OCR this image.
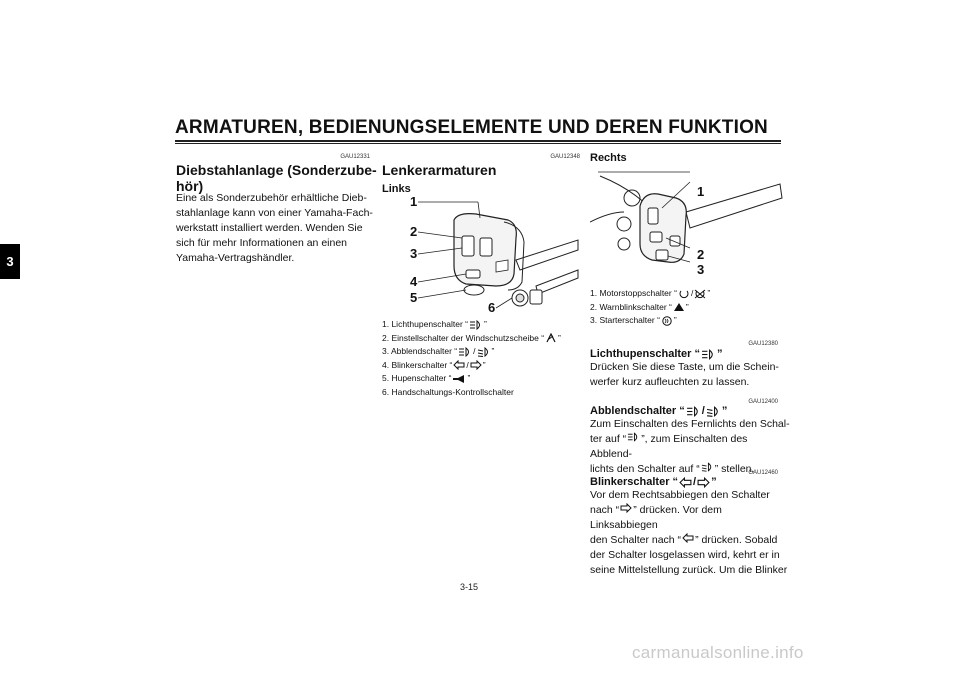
ARMATUREN, BEDIENUNGSELEMENTE UND DEREN FUNKTION
3
GAU12331
Diebstahlanlage (Sonderzube-
hör)
Eine als Sonderzubehör erhältliche Dieb-
stahlanlage kann von einer Yamaha-Fach-
werkstatt installiert werden. Wenden Sie
sich für mehr Informationen an einen
Yamaha-Vertragshändler.
GAU12348
Lenkerarmaturen
Links
1
2
3
4
5
6
1. Lichthupenschalter “ ”
2. Einstellschalter der Windschutzscheibe “ ”
3. Abblendschalter “ / ”
4. Blinkerschalter “ / ”
5. Hupenschalter “ ”
6. Handschaltungs-Kontrollschalter
Rechts
1
2
3
1. Motorstoppschalter “ / ”
2. Warnblinkschalter “ ”
3. Starterschalter “ ”
GAU12380
Lichthupenschalter “ ”
Drücken Sie diese Taste, um die Schein-
werfer kurz aufleuchten zu lassen.
GAU12400
Abblendschalter “ / ”
Zum Einschalten des Fernlichts den Schal-
ter auf “ ”, zum Einschalten des Abblend-
lichts den Schalter auf “ ” stellen.
GAU12460
Blinkerschalter “ / ”
Vor dem Rechtsabbiegen den Schalter
nach “ ” drücken. Vor dem Linksabbiegen
den Schalter nach “ ” drücken. Sobald
der Schalter losgelassen wird, kehrt er in
seine Mittelstellung zurück. Um die Blinker
3-15
carmanualsonline.info
